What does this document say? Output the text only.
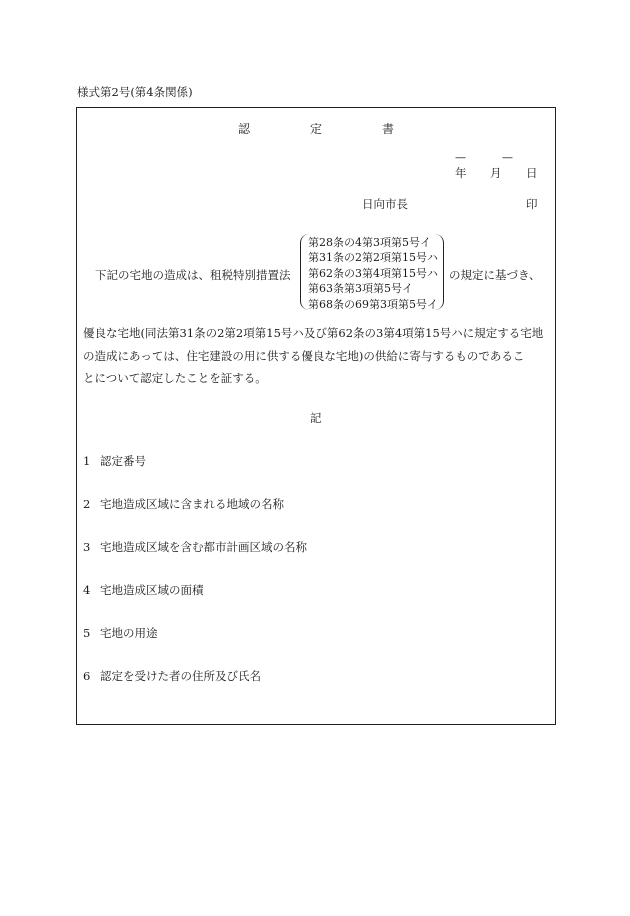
様式第2号(第4条関係)
認	定	書
—	—
年 月 日
日向市長	印
下記の宅地の造成は、租税特別措置法
第28条の4第3項第5号イ
第31条の2第2項第15号ハ
第62条の3第4項第15号ハ
第63条第3項第5号イ
第68条の69第3項第5号イ
の規定に基づき、
優良な宅地(同法第31条の2第2項第15号ハ及び第62条の3第4項第15号ハに規定する宅地
の造成にあっては、住宅建設の用に供する優良な宅地)の供給に寄与するものであるこ
とについて認定したことを証する。
記
1 認定番号
2 宅地造成区域に含まれる地域の名称
3 宅地造成区域を含む都市計画区域の名称
4 宅地造成区域の面積
5 宅地の用途
6 認定を受けた者の住所及び氏名
